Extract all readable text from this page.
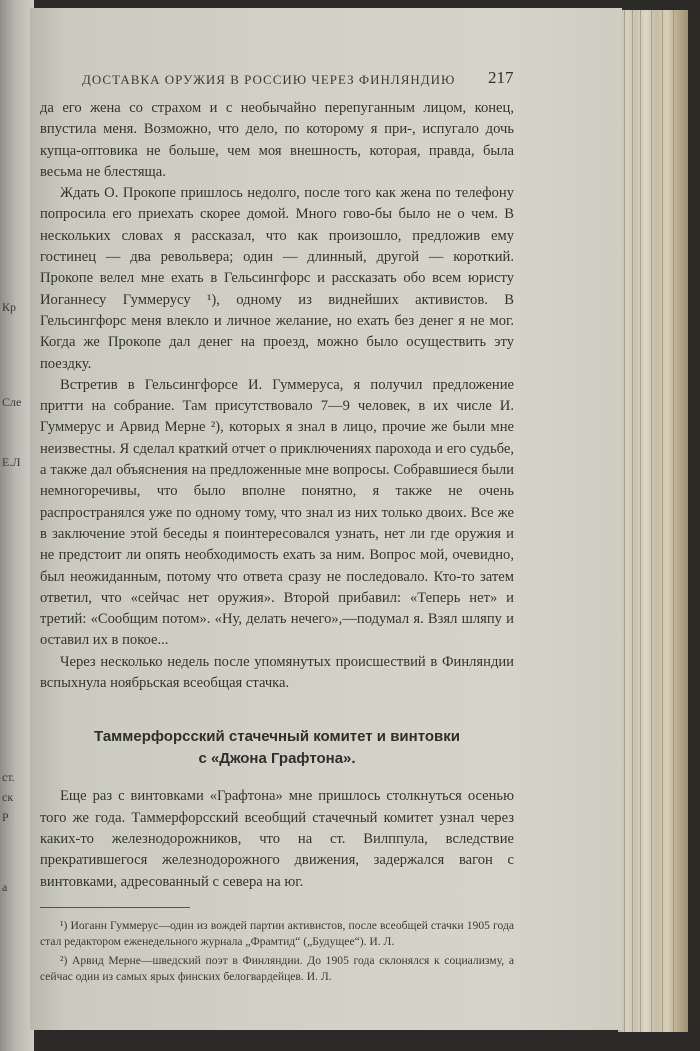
Кр
Сле
Е.Л
ст.
ск
Р
а
ДОСТАВКА ОРУЖИЯ В РОССИЮ ЧЕРЕЗ ФИНЛЯНДИЮ	217

да его жена со страхом и с необычайно перепуганным лицом, конец, впустила меня. Возможно, что дело, по которому я при-, испугало дочь купца-оптовика не больше, чем моя внешность, которая, правда, была весьма не блестяща.

Ждать О. Прокопе пришлось недолго, после того как жена по телефону попросила его приехать скорее домой. Много гово-бы было не о чем. В нескольких словах я рассказал, что как произошло, предложив ему гостинец — два револьвера; один — длинный, другой — короткий. Прокопе велел мне ехать в Гельсингфорс и рассказать обо всем юристу Иоганнесу Гуммерусу ¹), одному из виднейших активистов. В Гельсингфорс меня влекло и личное желание, но ехать без денег я не мог. Когда же Прокопе дал денег на проезд, можно было осуществить эту поездку.

Встретив в Гельсингфорсе И. Гуммеруса, я получил предложение притти на собрание. Там присутствовало 7—9 человек, в их числе И. Гуммерус и Арвид Мерне ²), которых я знал в лицо, прочие же были мне неизвестны. Я сделал краткий отчет о приключениях парохода и его судьбе, а также дал объяснения на предложенные мне вопросы. Собравшиеся были немногоречивы, что было вполне понятно, я также не очень распространялся уже по одному тому, что знал из них только двоих. Все же в заключение этой беседы я поинтересовался узнать, нет ли где оружия и не предстоит ли опять необходимость ехать за ним. Вопрос мой, очевидно, был неожиданным, потому что ответа сразу не последовало. Кто-то затем ответил, что «сейчас нет оружия». Второй прибавил: «Теперь нет» и третий: «Сообщим потом». «Ну, делать нечего»,—подумал я. Взял шляпу и оставил их в покое...

Через несколько недель после упомянутых происшествий в Финляндии вспыхнула ноябрьская всеобщая стачка.

Таммерфорсский стачечный комитет и винтовки
с «Джона Графтона».

Еще раз с винтовками «Графтона» мне пришлось столкнуться осенью того же года. Таммерфорсский всеобщий стачечный комитет узнал через каких-то железнодорожников, что на ст. Вилппула, вследствие прекратившегося железнодорожного движения, задержался вагон с винтовками, адресованный с севера на юг.

¹) Иоганн Гуммерус—один из вождей партии активистов, после всеобщей стачки 1905 года стал редактором еженедельного журнала „Фрамтид“ („Будущее“). И. Л.

²) Арвид Мерне—шведский поэт в Финляндии. До 1905 года склонялся к социализму, а сейчас один из самых ярых финских белогвардейцев. И. Л.
